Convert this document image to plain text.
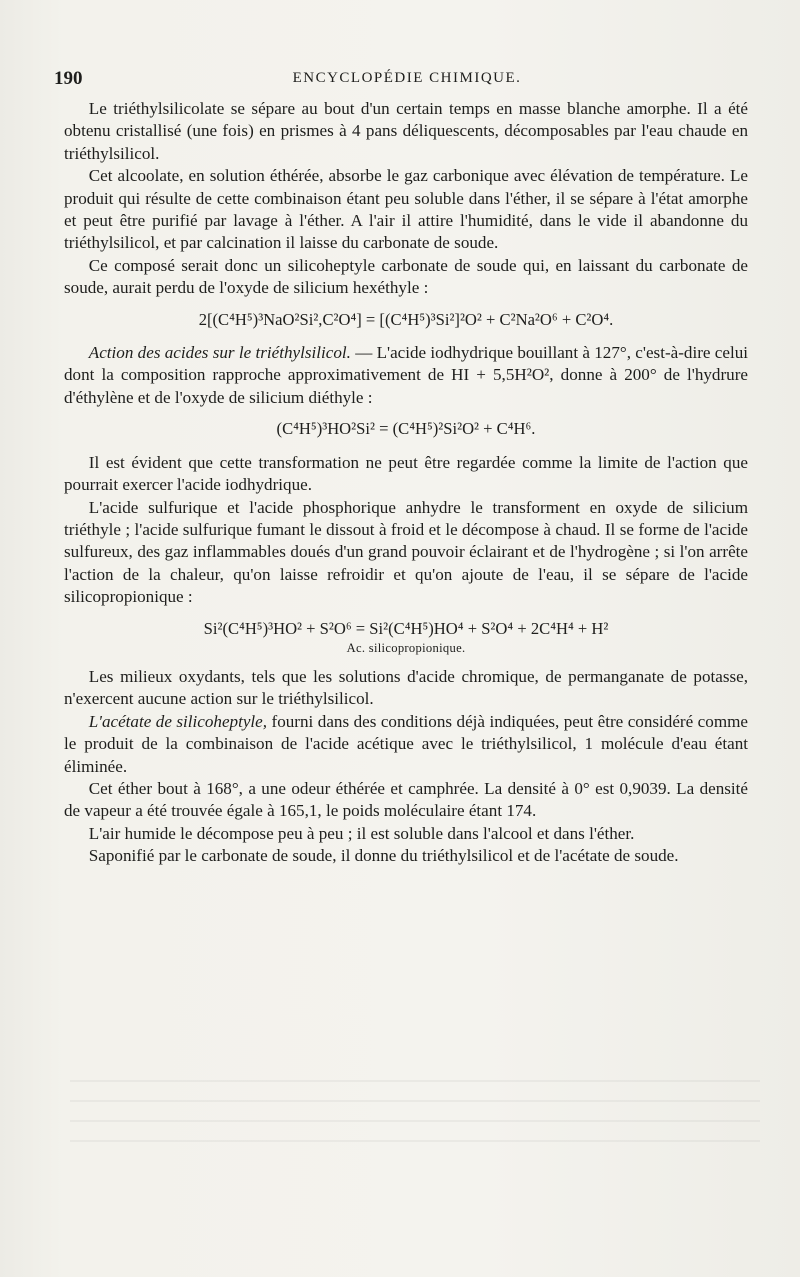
190	ENCYCLOPÉDIE CHIMIQUE.

Le triéthylsilicolate se sépare au bout d'un certain temps en masse blanche amorphe. Il a été obtenu cristallisé (une fois) en prismes à 4 pans déliquescents, décomposables par l'eau chaude en triéthylsilicol.

Cet alcoolate, en solution éthérée, absorbe le gaz carbonique avec élévation de température. Le produit qui résulte de cette combinaison étant peu soluble dans l'éther, il se sépare à l'état amorphe et peut être purifié par lavage à l'éther. A l'air il attire l'humidité, dans le vide il abandonne du triéthylsilicol, et par calcination il laisse du carbonate de soude.

Ce composé serait donc un silicoheptyle carbonate de soude qui, en laissant du carbonate de soude, aurait perdu de l'oxyde de silicium hexéthyle :

2[(C⁴H⁵)³NaO²Si²,C²O⁴] = [(C⁴H⁵)³Si²]²O² + C²Na²O⁶ + C²O⁴.

Action des acides sur le triéthylsilicol. — L'acide iodhydrique bouillant à 127°, c'est-à-dire celui dont la composition rapproche approximativement de HI + 5,5H²O², donne à 200° de l'hydrure d'éthylène et de l'oxyde de silicium diéthyle :

(C⁴H⁵)³HO²Si² = (C⁴H⁵)²Si²O² + C⁴H⁶.

Il est évident que cette transformation ne peut être regardée comme la limite de l'action que pourrait exercer l'acide iodhydrique.

L'acide sulfurique et l'acide phosphorique anhydre le transforment en oxyde de silicium triéthyle ; l'acide sulfurique fumant le dissout à froid et le décompose à chaud. Il se forme de l'acide sulfureux, des gaz inflammables doués d'un grand pouvoir éclairant et de l'hydrogène ; si l'on arrête l'action de la chaleur, qu'on laisse refroidir et qu'on ajoute de l'eau, il se sépare de l'acide silicopropionique :

Si²(C⁴H⁵)³HO² + S²O⁶ = Si²(C⁴H⁵)HO⁴ + S²O⁴ + 2C⁴H⁴ + H²
Ac. silicopropionique.

Les milieux oxydants, tels que les solutions d'acide chromique, de permanganate de potasse, n'exercent aucune action sur le triéthylsilicol.

L'acétate de silicoheptyle, fourni dans des conditions déjà indiquées, peut être considéré comme le produit de la combinaison de l'acide acétique avec le triéthylsilicol, 1 molécule d'eau étant éliminée.

Cet éther bout à 168°, a une odeur éthérée et camphrée. La densité à 0° est 0,9039. La densité de vapeur a été trouvée égale à 165,1, le poids moléculaire étant 174.

L'air humide le décompose peu à peu ; il est soluble dans l'alcool et dans l'éther.

Saponifié par le carbonate de soude, il donne du triéthylsilicol et de l'acétate de soude.
